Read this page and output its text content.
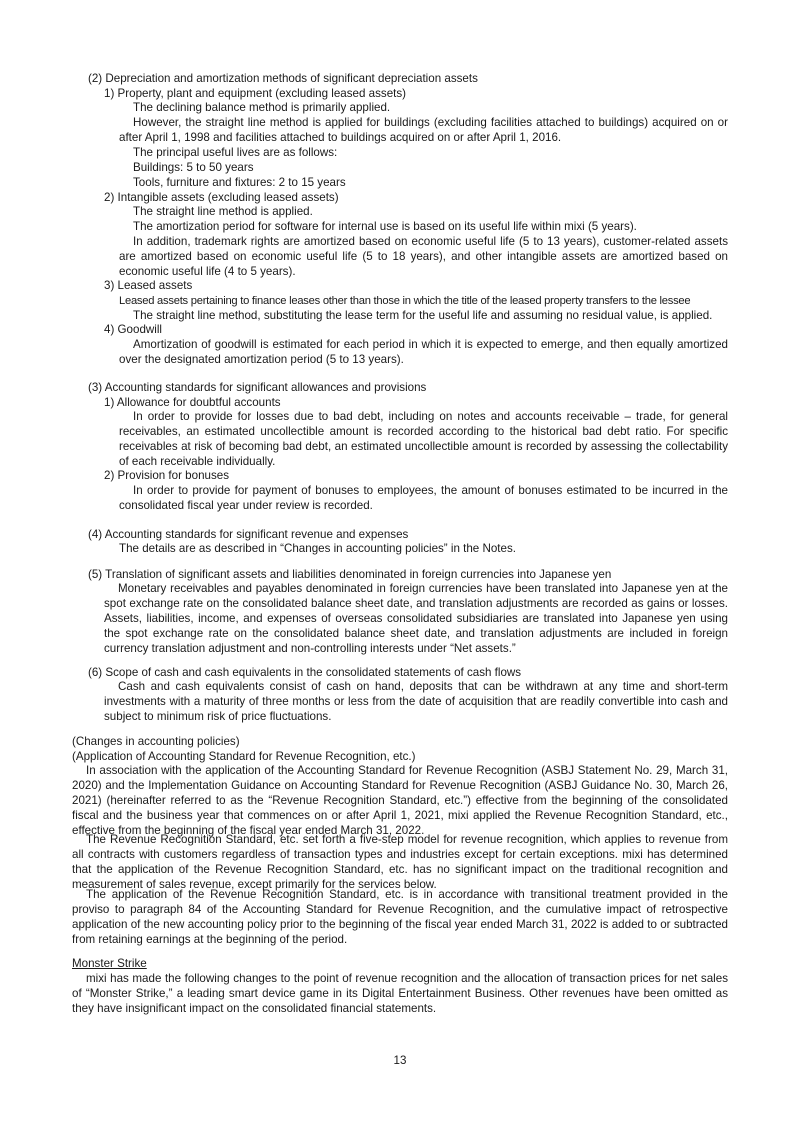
(2) Depreciation and amortization methods of significant depreciation assets

1) Property, plant and equipment (excluding leased assets)

The declining balance method is primarily applied.

However, the straight line method is applied for buildings (excluding facilities attached to buildings) acquired on or after April 1, 1998 and facilities attached to buildings acquired on or after April 1, 2016.

The principal useful lives are as follows:

Buildings: 5 to 50 years

Tools, furniture and fixtures: 2 to 15 years

2) Intangible assets (excluding leased assets)

The straight line method is applied.

The amortization period for software for internal use is based on its useful life within mixi (5 years).

In addition, trademark rights are amortized based on economic useful life (5 to 13 years), customer-related assets are amortized based on economic useful life (5 to 18 years), and other intangible assets are amortized based on economic useful life (4 to 5 years).

3) Leased assets

Leased assets pertaining to finance leases other than those in which the title of the leased property transfers to the lessee

The straight line method, substituting the lease term for the useful life and assuming no residual value, is applied.

4) Goodwill

Amortization of goodwill is estimated for each period in which it is expected to emerge, and then equally amortized over the designated amortization period (5 to 13 years).

(3) Accounting standards for significant allowances and provisions

1) Allowance for doubtful accounts

In order to provide for losses due to bad debt, including on notes and accounts receivable – trade, for general receivables, an estimated uncollectible amount is recorded according to the historical bad debt ratio. For specific receivables at risk of becoming bad debt, an estimated uncollectible amount is recorded by assessing the collectability of each receivable individually.

2) Provision for bonuses

In order to provide for payment of bonuses to employees, the amount of bonuses estimated to be incurred in the consolidated fiscal year under review is recorded.

(4) Accounting standards for significant revenue and expenses

The details are as described in “Changes in accounting policies” in the Notes.

(5) Translation of significant assets and liabilities denominated in foreign currencies into Japanese yen

Monetary receivables and payables denominated in foreign currencies have been translated into Japanese yen at the spot exchange rate on the consolidated balance sheet date, and translation adjustments are recorded as gains or losses. Assets, liabilities, income, and expenses of overseas consolidated subsidiaries are translated into Japanese yen using the spot exchange rate on the consolidated balance sheet date, and translation adjustments are included in foreign currency translation adjustment and non-controlling interests under “Net assets.”

(6) Scope of cash and cash equivalents in the consolidated statements of cash flows

Cash and cash equivalents consist of cash on hand, deposits that can be withdrawn at any time and short-term investments with a maturity of three months or less from the date of acquisition that are readily convertible into cash and subject to minimum risk of price fluctuations.

(Changes in accounting policies)

(Application of Accounting Standard for Revenue Recognition, etc.)

In association with the application of the Accounting Standard for Revenue Recognition (ASBJ Statement No. 29, March 31, 2020) and the Implementation Guidance on Accounting Standard for Revenue Recognition (ASBJ Guidance No. 30, March 26, 2021) (hereinafter referred to as the “Revenue Recognition Standard, etc.”) effective from the beginning of the consolidated fiscal and the business year that commences on or after April 1, 2021, mixi applied the Revenue Recognition Standard, etc., effective from the beginning of the fiscal year ended March 31, 2022.

The Revenue Recognition Standard, etc. set forth a five-step model for revenue recognition, which applies to revenue from all contracts with customers regardless of transaction types and industries except for certain exceptions. mixi has determined that the application of the Revenue Recognition Standard, etc. has no significant impact on the traditional recognition and measurement of sales revenue, except primarily for the services below.

The application of the Revenue Recognition Standard, etc. is in accordance with transitional treatment provided in the proviso to paragraph 84 of the Accounting Standard for Revenue Recognition, and the cumulative impact of retrospective application of the new accounting policy prior to the beginning of the fiscal year ended March 31, 2022 is added to or subtracted from retaining earnings at the beginning of the period.

Monster Strike

mixi has made the following changes to the point of revenue recognition and the allocation of transaction prices for net sales of “Monster Strike,” a leading smart device game in its Digital Entertainment Business. Other revenues have been omitted as they have insignificant impact on the consolidated financial statements.

13
